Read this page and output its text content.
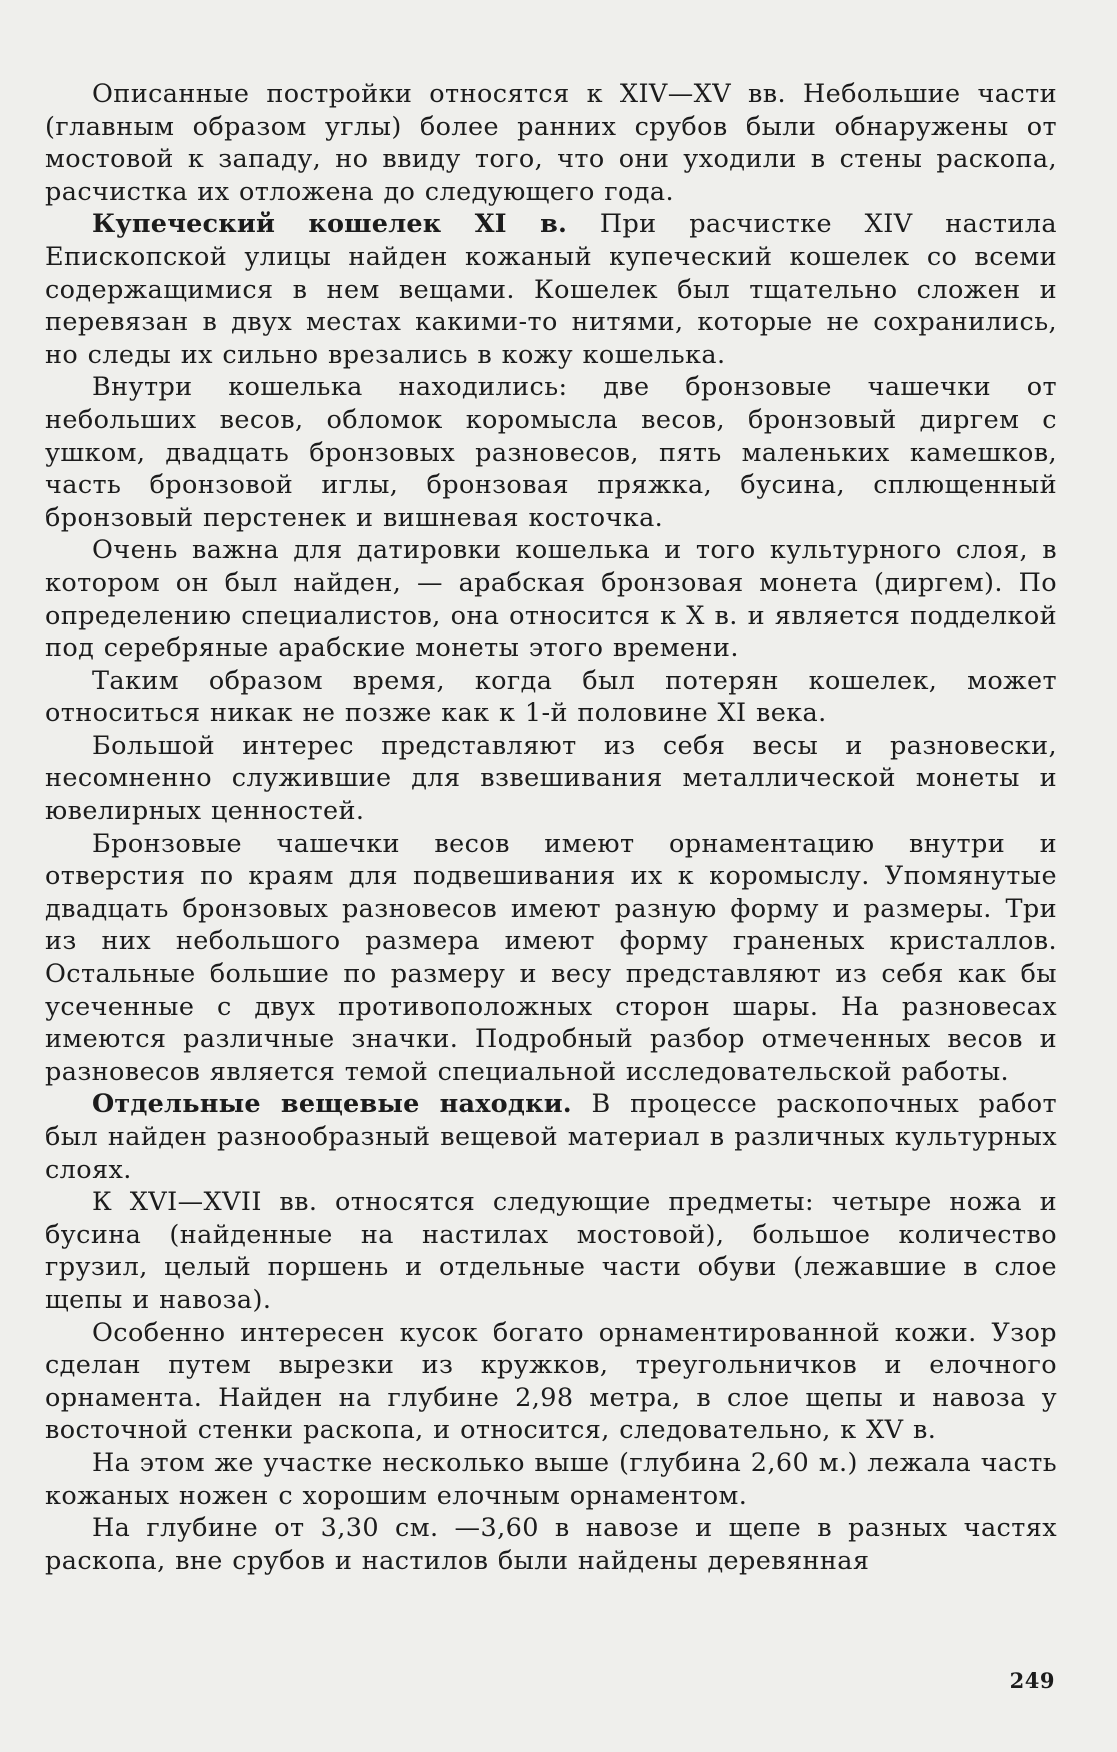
Описанные постройки относятся к XIV—XV вв. Небольшие части (главным образом углы) более ранних срубов были обнаружены от мостовой к западу, но ввиду того, что они уходили в стены раскопа, расчистка их отложена до следующего года.

Купеческий кошелек XI в. При расчистке XIV настила Епископской улицы найден кожаный купеческий кошелек со всеми содержащимися в нем вещами. Кошелек был тщательно сложен и перевязан в двух местах какими-то нитями, которые не сохранились, но следы их сильно врезались в кожу кошелька.

Внутри кошелька находились: две бронзовые чашечки от небольших весов, обломок коромысла весов, бронзовый диргем с ушком, двадцать бронзовых разновесов, пять маленьких камешков, часть бронзовой иглы, бронзовая пряжка, бусина, сплющенный бронзовый перстенек и вишневая косточка.

Очень важна для датировки кошелька и того культурного слоя, в котором он был найден, — арабская бронзовая монета (диргем). По определению специалистов, она относится к X в. и является подделкой под серебряные арабские монеты этого времени.

Таким образом время, когда был потерян кошелек, может относиться никак не позже как к 1-й половине XI века.

Большой интерес представляют из себя весы и разновески, несомненно служившие для взвешивания металлической монеты и ювелирных ценностей.

Бронзовые чашечки весов имеют орнаментацию внутри и отверстия по краям для подвешивания их к коромыслу. Упомянутые двадцать бронзовых разновесов имеют разную форму и размеры. Три из них небольшого размера имеют форму граненых кристаллов. Остальные большие по размеру и весу представляют из себя как бы усеченные с двух противоположных сторон шары. На разновесах имеются различные значки. Подробный разбор отмеченных весов и разновесов является темой специальной исследовательской работы.

Отдельные вещевые находки. В процессе раскопочных работ был найден разнообразный вещевой материал в различных культурных слоях.

К XVI—XVII вв. относятся следующие предметы: четыре ножа и бусина (найденные на настилах мостовой), большое количество грузил, целый поршень и отдельные части обуви (лежавшие в слое щепы и навоза).

Особенно интересен кусок богато орнаментированной кожи. Узор сделан путем вырезки из кружков, треугольничков и елочного орнамента. Найден на глубине 2,98 метра, в слое щепы и навоза у восточной стенки раскопа, и относится, следовательно, к XV в.

На этом же участке несколько выше (глубина 2,60 м.) лежала часть кожаных ножен с хорошим елочным орнаментом.

На глубине от 3,30 см. —3,60 в навозе и щепе в разных частях раскопа, вне срубов и настилов были найдены деревянная

249
